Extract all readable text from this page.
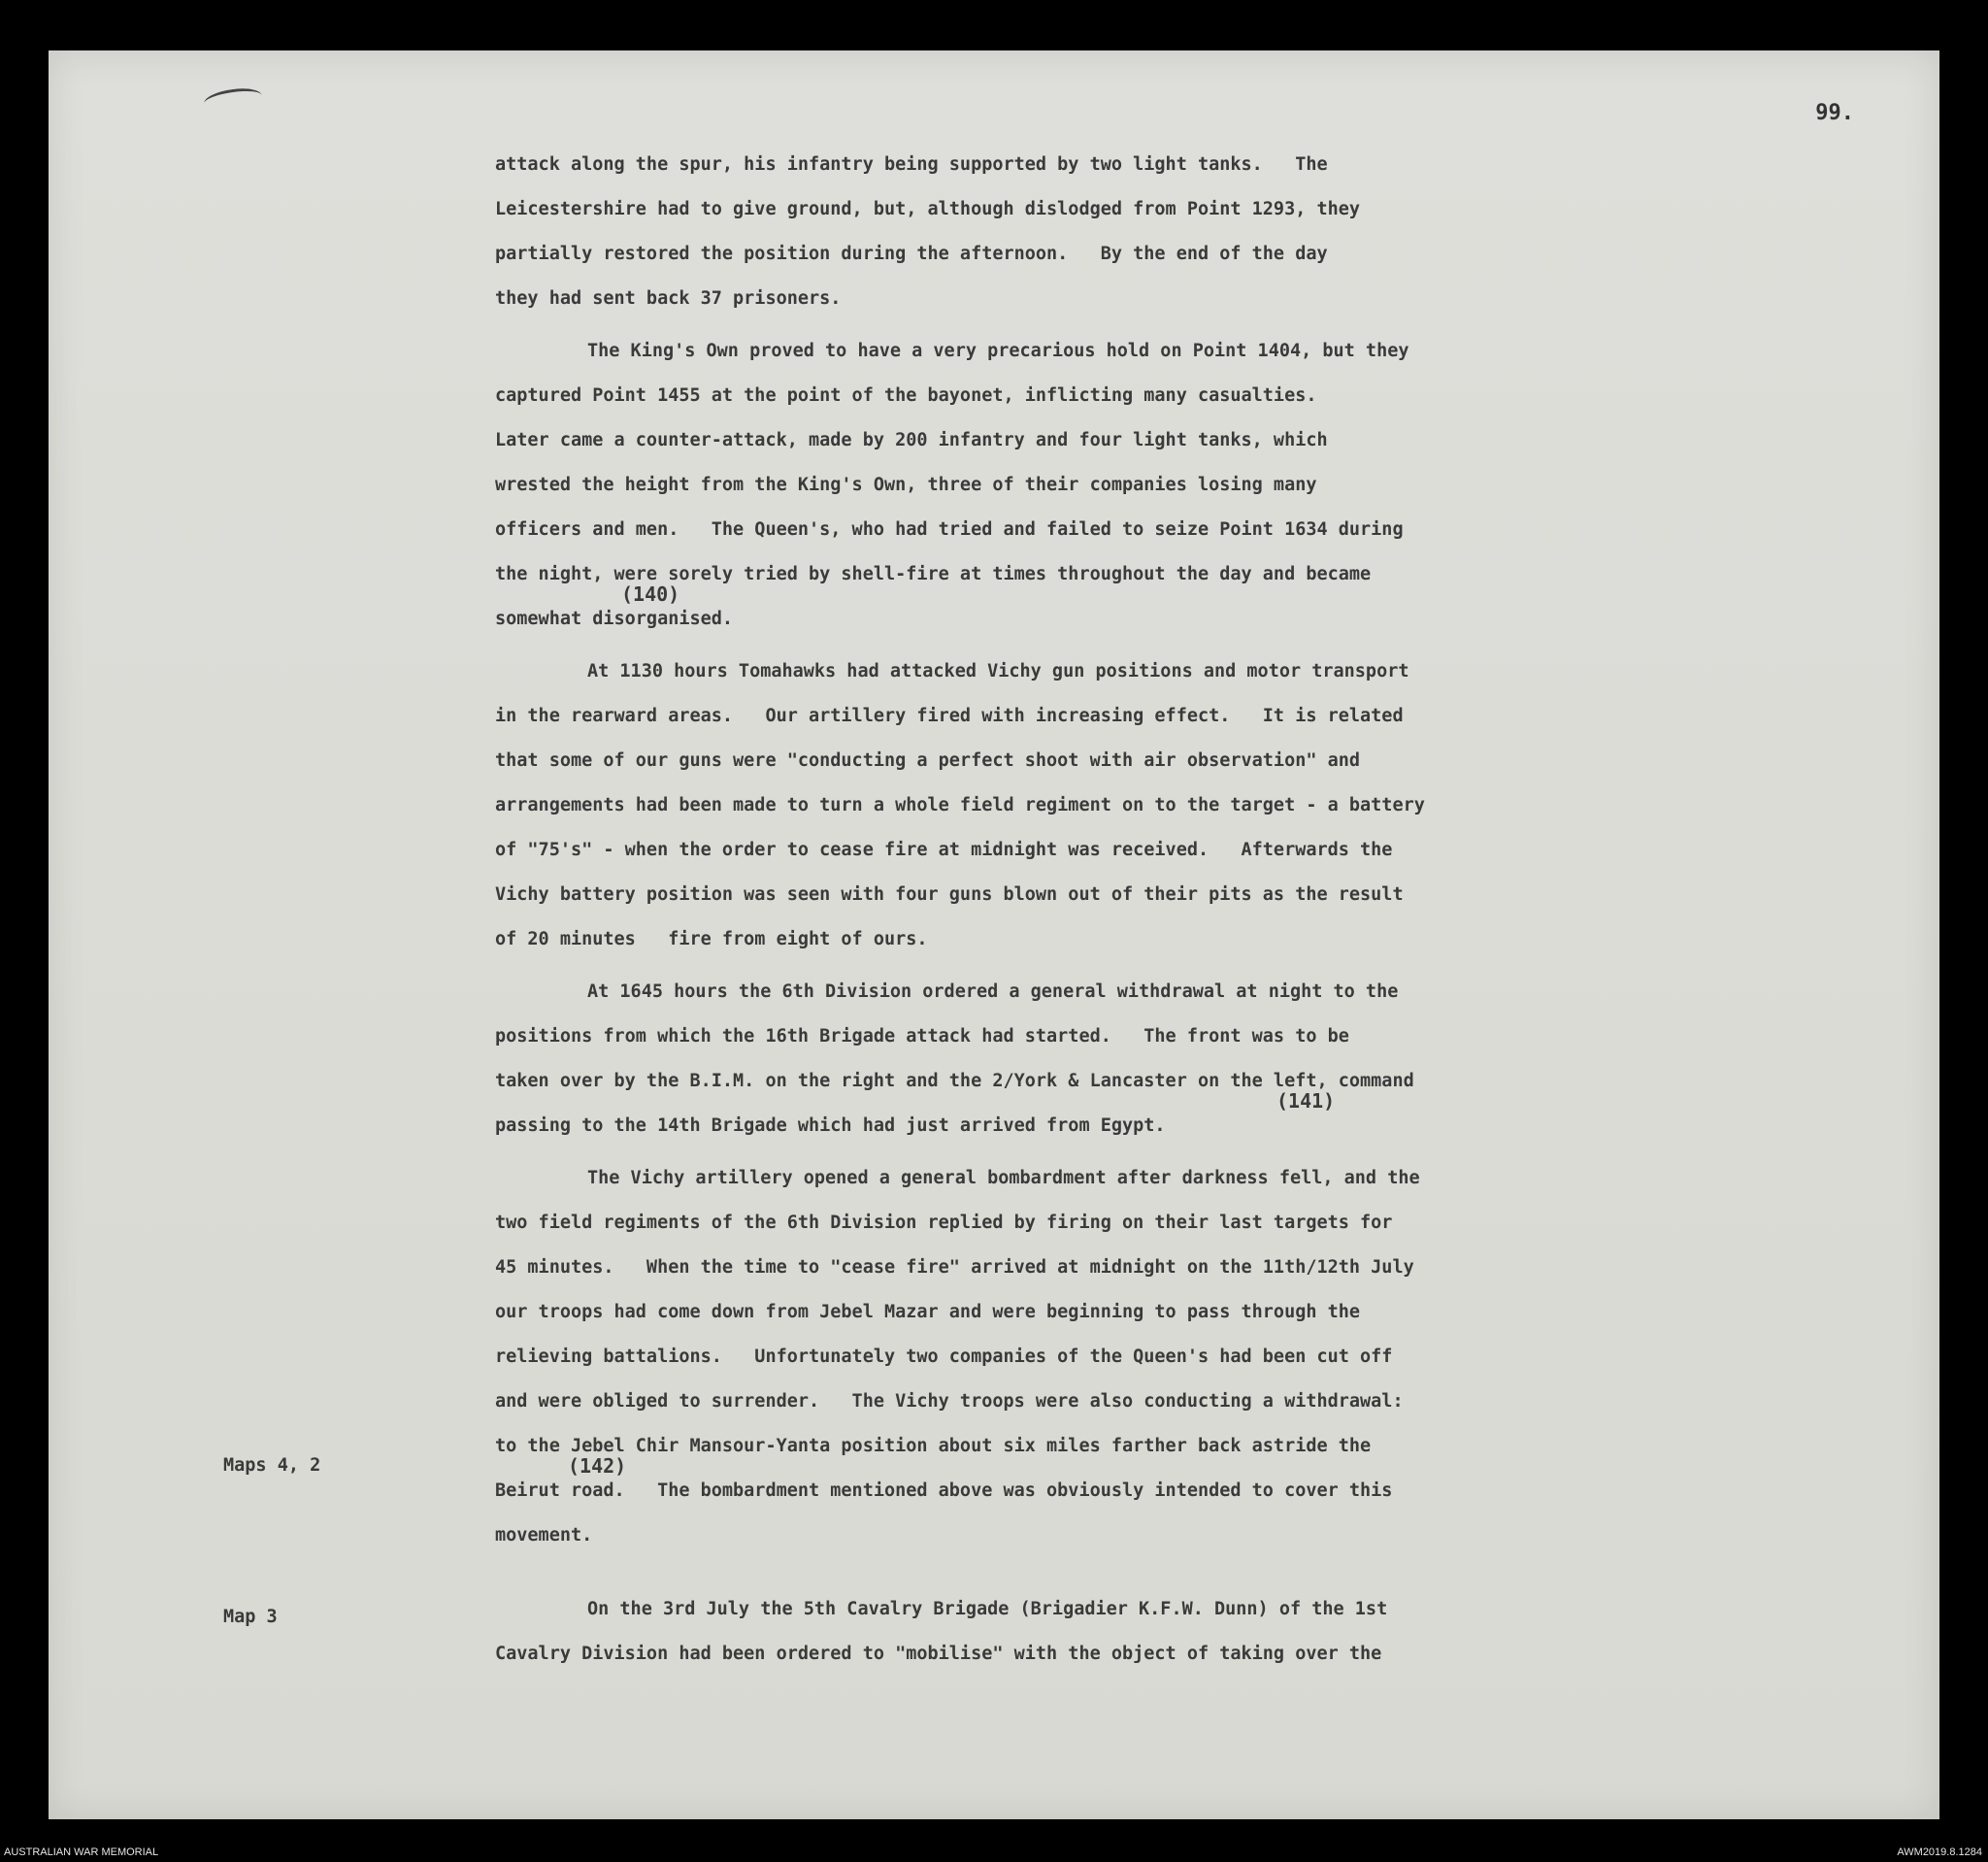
99.
attack along the spur, his infantry being supported by two light tanks.   The
Leicestershire had to give ground, but, although dislodged from Point 1293, they
partially restored the position during the afternoon.   By the end of the day
they had sent back 37 prisoners.
The King's Own proved to have a very precarious hold on Point 1404, but they
captured Point 1455 at the point of the bayonet, inflicting many casualties.
Later came a counter-attack, made by 200 infantry and four light tanks, which
wrested the height from the King's Own, three of their companies losing many
officers and men.   The Queen's, who had tried and failed to seize Point 1634 during
the night, were sorely tried by shell-fire at times throughout the day and became
somewhat disorganised.
(140)
At 1130 hours Tomahawks had attacked Vichy gun positions and motor transport
in the rearward areas.   Our artillery fired with increasing effect.   It is related
that some of our guns were "conducting a perfect shoot with air observation" and
arrangements had been made to turn a whole field regiment on to the target - a battery
of "75's" - when the order to cease fire at midnight was received.   Afterwards the
Vichy battery position was seen with four guns blown out of their pits as the result
of 20 minutes   fire from eight of ours.
At 1645 hours the 6th Division ordered a general withdrawal at night to the
positions from which the 16th Brigade attack had started.   The front was to be
taken over by the B.I.M. on the right and the 2/York & Lancaster on the left, command
passing to the 14th Brigade which had just arrived from Egypt.
(141)
The Vichy artillery opened a general bombardment after darkness fell, and the
two field regiments of the 6th Division replied by firing on their last targets for
45 minutes.   When the time to "cease fire" arrived at midnight on the 11th/12th July
our troops had come down from Jebel Mazar and were beginning to pass through the
relieving battalions.   Unfortunately two companies of the Queen's had been cut off
and were obliged to surrender.   The Vichy troops were also conducting a withdrawal:
to the Jebel Chir Mansour-Yanta position about six miles farther back astride the
Beirut road.   The bombardment mentioned above was obviously intended to cover this
(142)
movement.
On the 3rd July the 5th Cavalry Brigade (Brigadier K.F.W. Dunn) of the 1st
Cavalry Division had been ordered to "mobilise" with the object of taking over the
Maps 4, 2
Map 3
AUSTRALIAN WAR MEMORIAL	AWM2019.8.1284
